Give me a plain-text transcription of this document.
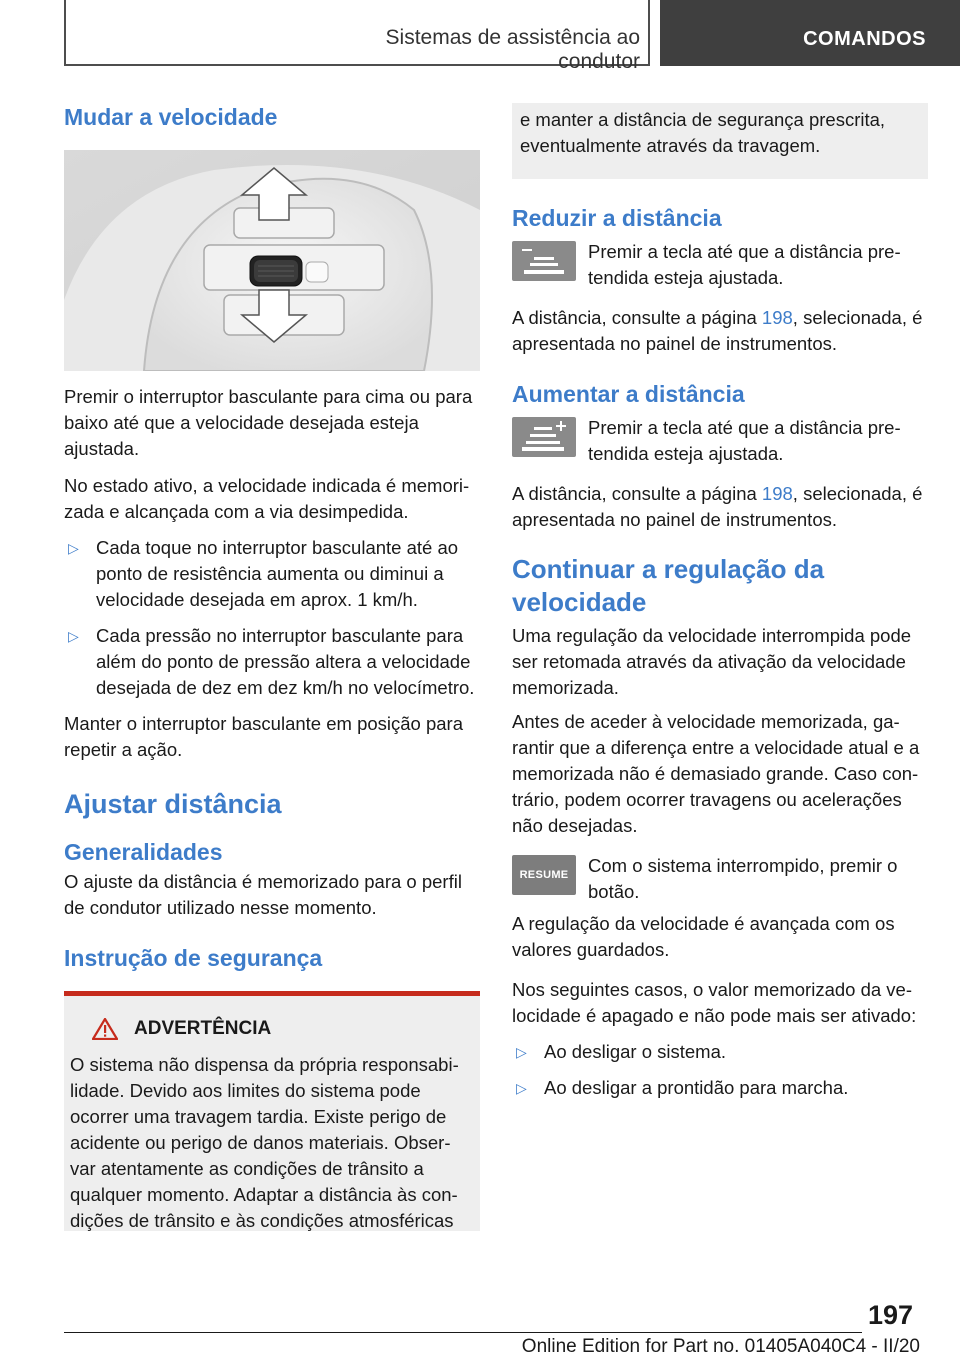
Sistemas de assistência ao condutor
COMANDOS
Mudar a velocidade

Premir o interruptor basculante para cima ou para baixo até que a velocidade desejada esteja ajustada.

No estado ativo, a velocidade indicada é memorizada e alcançada com a via desimpedida.

▷ Cada toque no interruptor basculante até ao ponto de resistência aumenta ou diminui a velocidade desejada em aprox. 1 km/h.
▷ Cada pressão no interruptor basculante para além do ponto de pressão altera a velocidade desejada de dez em dez km/h no velocímetro.

Manter o interruptor basculante em posição para repetir a ação.

Ajustar distância
Generalidades

O ajuste da distância é memorizado para o perfil de condutor utilizado nesse momento.

Instrução de segurança
ADVERTÊNCIA

O sistema não dispensa da própria responsabilidade. Devido aos limites do sistema pode ocorrer uma travagem tardia. Existe perigo de acidente ou perigo de danos materiais. Observar atentamente as condições de trânsito a qualquer momento. Adaptar a distância às condições de trânsito e às condições atmosféricas

e manter a distância de segurança prescrita, eventualmente através da travagem.

Reduzir a distância

Premir a tecla até que a distância pretendida esteja ajustada.

A distância, consulte a página 198, selecionada, é apresentada no painel de instrumentos.

Aumentar a distância

Premir a tecla até que a distância pretendida esteja ajustada.

A distância, consulte a página 198, selecionada, é apresentada no painel de instrumentos.

Continuar a regulação da velocidade

Uma regulação da velocidade interrompida pode ser retomada através da ativação da velocidade memorizada.

Antes de aceder à velocidade memorizada, garantir que a diferença entre a velocidade atual e a memorizada não é demasiado grande. Caso contrário, podem ocorrer travagens ou acelerações não desejadas.

RESUME	Com o sistema interrompido, premir o botão.

A regulação da velocidade é avançada com os valores guardados.

Nos seguintes casos, o valor memorizado da velocidade é apagado e não pode mais ser ativado:

▷ Ao desligar o sistema.
▷ Ao desligar a prontidão para marcha.
197
Online Edition for Part no. 01405A040C4 - II/20
